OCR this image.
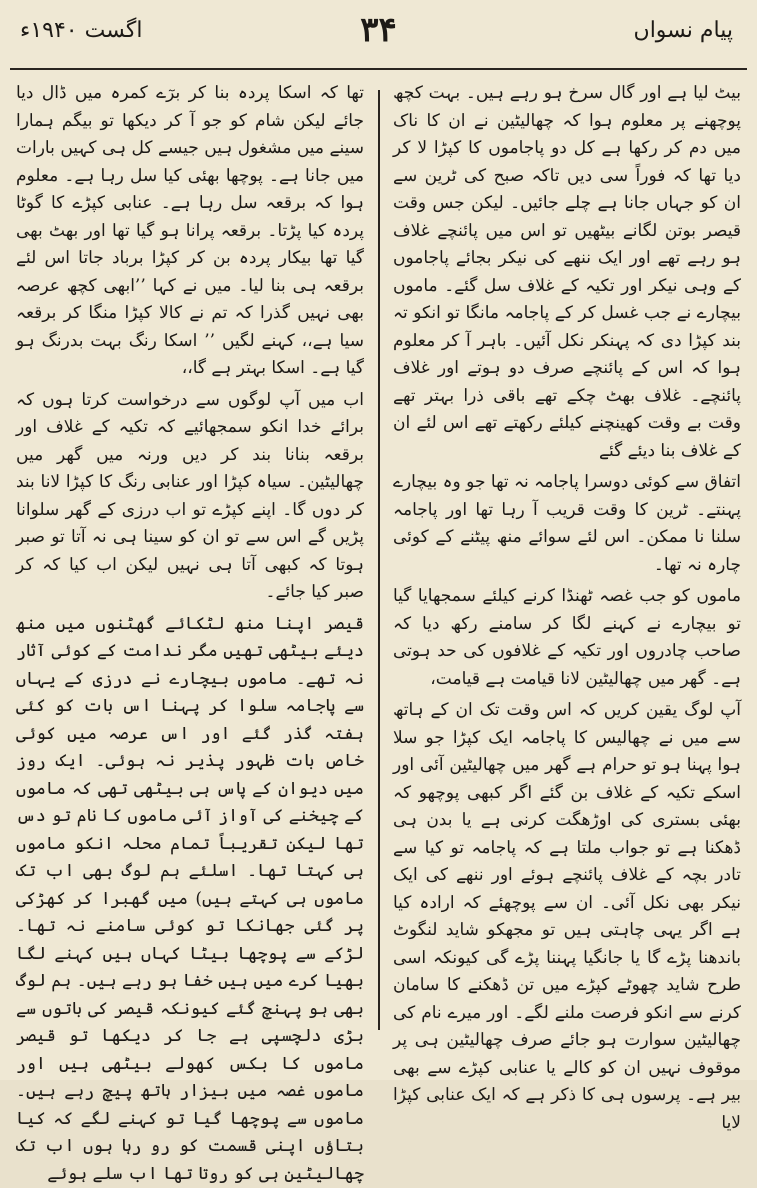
پیام نسواں
۳۴
اگست ۱۹۴۰ء

بیٹ لیا ہے اور گال سرخ ہو رہے ہیں۔ بہت کچھ پوچھنے پر معلوم ہوا کہ چھالیٹین نے ان کا ناک میں دم کر رکھا ہے کل دو پاجاموں کا کپڑا لا کر دیا تھا کہ فوراً سی دیں تاکہ صبح کی ٹرین سے ان کو جہاں جانا ہے چلے جائیں۔ لیکن جس وقت قیصر بوتن لگانے بیٹھیں تو اس میں پائنچے غلاف ہو رہے تھے اور ایک ننھے کی نیکر بجائے پاجاموں کے وہی نیکر اور تکیہ کے غلاف سل گئے۔ ماموں بیچارے نے جب غسل کر کے پاجامہ مانگا تو انکو تہ بند کپڑا دی کہ پہنکر نکل آئیں۔ باہر آ کر معلوم ہوا کہ اس کے پائنچے صرف دو ہوتے اور غلاف پائنچے۔ غلاف بھٹ چکے تھے باقی ذرا بہتر تھے وقت بے وقت کھینچنے کیلئے رکھتے تھے اس لئے ان کے غلاف بنا دیئے گئے

اتفاق سے کوئی دوسرا پاجامہ نہ تھا جو وہ بیچارے پہنتے۔ ٹرین کا وقت قریب آ رہا تھا اور پاجامہ سلنا نا ممکن۔ اس لئے سوائے منھ پیٹنے کے کوئی چارہ نہ تھا۔

ماموں کو جب غصہ ٹھنڈا کرنے کیلئے سمجھایا گیا تو بیچارے نے کہنے لگا کر سامنے رکھ دیا کہ صاحب چادروں اور تکیہ کے غلافوں کی حد ہوتی ہے۔ گھر میں چھالیٹین لانا قیامت ہے قیامت،

آپ لوگ یقین کریں کہ اس وقت تک ان کے ہاتھ سے میں نے چھالیس کا پاجامہ ایک کپڑا جو سلا ہوا پہنا ہو تو حرام ہے گھر میں چھالیٹین آئی اور اسکے تکیہ کے غلاف بن گئے اگر کبھی پوچھو کہ بھئی بستری کی اوڑھگت کرنی ہے یا بدن ہی ڈھکنا ہے تو جواب ملتا ہے کہ پاجامہ تو کیا سے تادر بچہ کے غلاف پائنچے ہوئے اور ننھے کی ایک نیکر بھی نکل آئی۔ ان سے پوچھئے کہ ارادہ کیا ہے اگر یہی چاہتی ہیں تو مجھکو شاید لنگوٹ باندھنا پڑے گا یا جانگیا پہننا پڑے گی کیونکہ اسی طرح شاید چھوٹے کپڑے میں تن ڈھکنے کا سامان کرنے سے انکو فرصت ملنے لگے۔ اور میرے نام کی چھالیٹین سوارت ہو جائے صرف چھالیٹین ہی پر موقوف نہیں ان کو کالے یا عنابی کپڑے سے بھی بیر ہے۔ پرسوں ہی کا ذکر ہے کہ ایک عنابی کپڑا لایا

تھا کہ اسکا پردہ بنا کر برٓے کمرہ میں ڈال دیا جائے لیکن شام کو جو آ کر دیکھا تو بیگم ہمارا سینے میں مشغول ہیں جیسے کل ہی کہیں بارات میں جانا ہے۔ پوچھا بھئی کیا سل رہا ہے۔ معلوم ہوا کہ برقعہ سل رہا ہے۔ عنابی کپڑے کا گوٹا پردہ کیا پڑتا۔ برقعہ پرانا ہو گیا تھا اور بھٹ بھی گیا تھا بیکار پردہ بن کر کپڑا برباد جاتا اس لئے برقعہ ہی بنا لیا۔ میں نے کہا ’’ابھی کچھ عرصہ بھی نہیں گذرا کہ تم نے کالا کپڑا منگا کر برقعہ سیا ہے،، کہنے لگیں ’’ اسکا رنگ بہت بدرنگ ہو گیا ہے۔ اسکا بہتر ہے گا،،

اب میں آپ لوگوں سے درخواست کرتا ہوں کہ برائے خدا انکو سمجھائیے کہ تکیہ کے غلاف اور برقعہ بنانا بند کر دیں ورنہ میں گھر میں چھالیٹین۔ سیاہ کپڑا اور عنابی رنگ کا کپڑا لانا بند کر دوں گا۔ اپنے کپڑے تو اب درزی کے گھر سلوانا پڑیں گے اس سے تو ان کو سینا ہی نہ آتا تو صبر ہوتا کہ کبھی آتا ہی نہیں لیکن اب کیا کہ کر صبر کیا جائے۔

قیصر اپنا منھ لٹکائے گھٹنوں میں منھ دیئے بیٹھی تھیں مگر ندامت کے کوئی آثار نہ تھے۔ ماموں بیچارے نے درزی کے یہاں سے پاجامہ سلوا کر پہنا اس بات کو کئی ہفتہ گذر گئے اور اس عرصہ میں کوئی خاص بات ظہور پذیر نہ ہوئی۔ ایک روز میں دیوان کے پاس ہی بیٹھی تھی کہ ماموں کے چیخنے کی آواز آئی ماموں کا نام تو دس تھا لیکن تقریباً تمام محلہ انکو ماموں ہی کہتا تھا۔ اسلئے ہم لوگ بھی اب تک ماموں ہی کہتے ہیں) میں گھبرا کر کھڑکی پر گئی جھانکا تو کوئی سامنے نہ تھا۔ لڑکے سے پوچھا بیٹا کہاں ہیں کہنے لگا بھیا کرے میں ہیں خفا ہو رہے ہیں۔ ہم لوگ بھی ہو پہنچ گئے کیونکہ قیصر کی باتوں سے بڑی دلچسپی ہے جا کر دیکھا تو قیصر ماموں کا بکس کھولے بیٹھی ہیں اور ماموں غصہ میں بیزار ہاتھ پیچ رہے ہیں۔ ماموں سے پوچھا گیا تو کہنے لگے کہ کیا بتاؤں اپنی قسمت کو رو رہا ہوں اب تک چھالیٹین ہی کو روتا تھا اب سلے ہوئے
